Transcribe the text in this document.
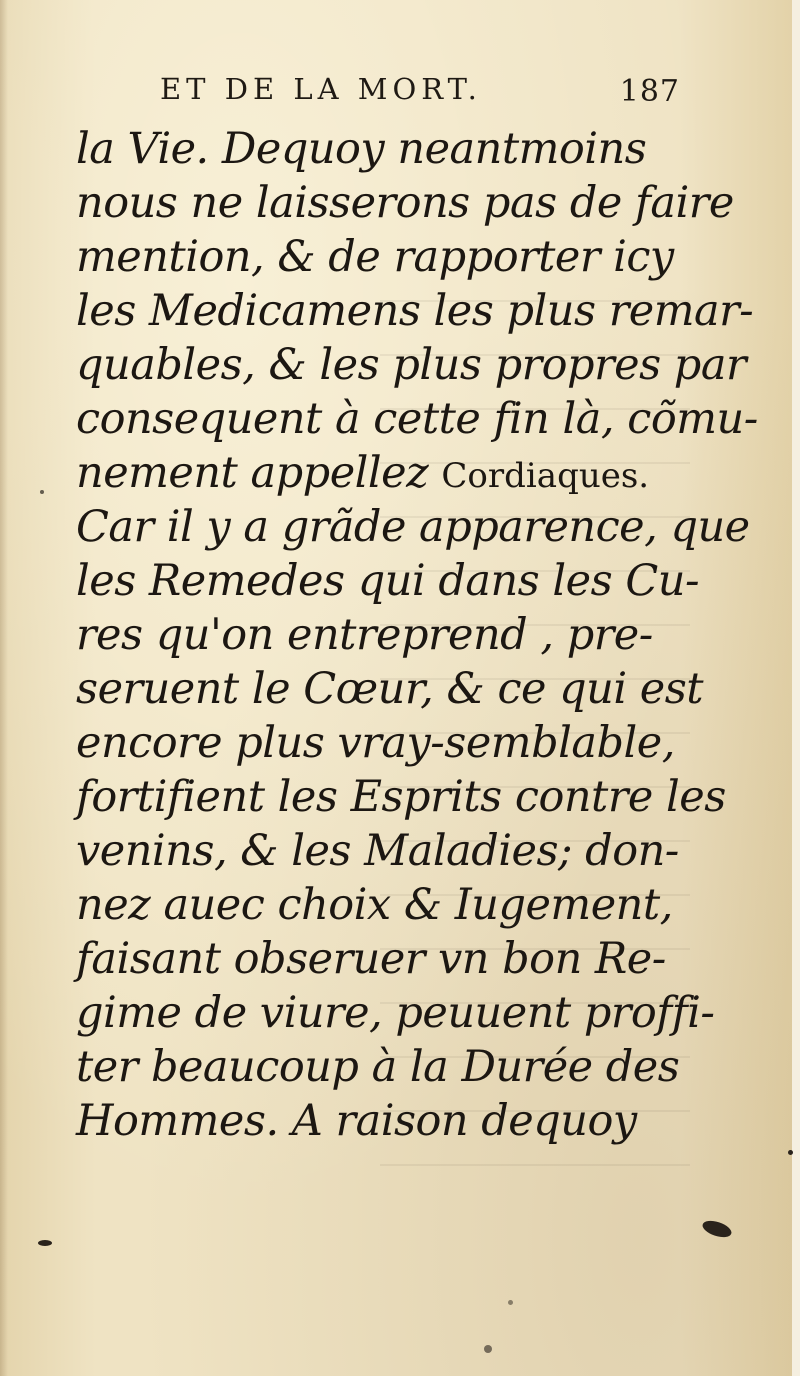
ET DE LA MORT.	187
la Vie. Dequoy neantmoins
nous ne laisserons pas de faire
mention, & de rapporter icy
les Medicamens les plus remar-
quables, & les plus propres par
consequent à cette fin là, cõmu-
nement appellez Cordiaques.
Car il y a grãde apparence, que
les Remedes qui dans les Cu-
res qu'on entreprend , pre-
seruent le Cœur, & ce qui est
encore plus vray-semblable,
fortifient les Esprits contre les
venins, & les Maladies; don-
nez auec choix & Iugement,
faisant obseruer vn bon Re-
gime de viure, peuuent proffi-
ter beaucoup à la Durée des
Hommes. A raison dequoy
